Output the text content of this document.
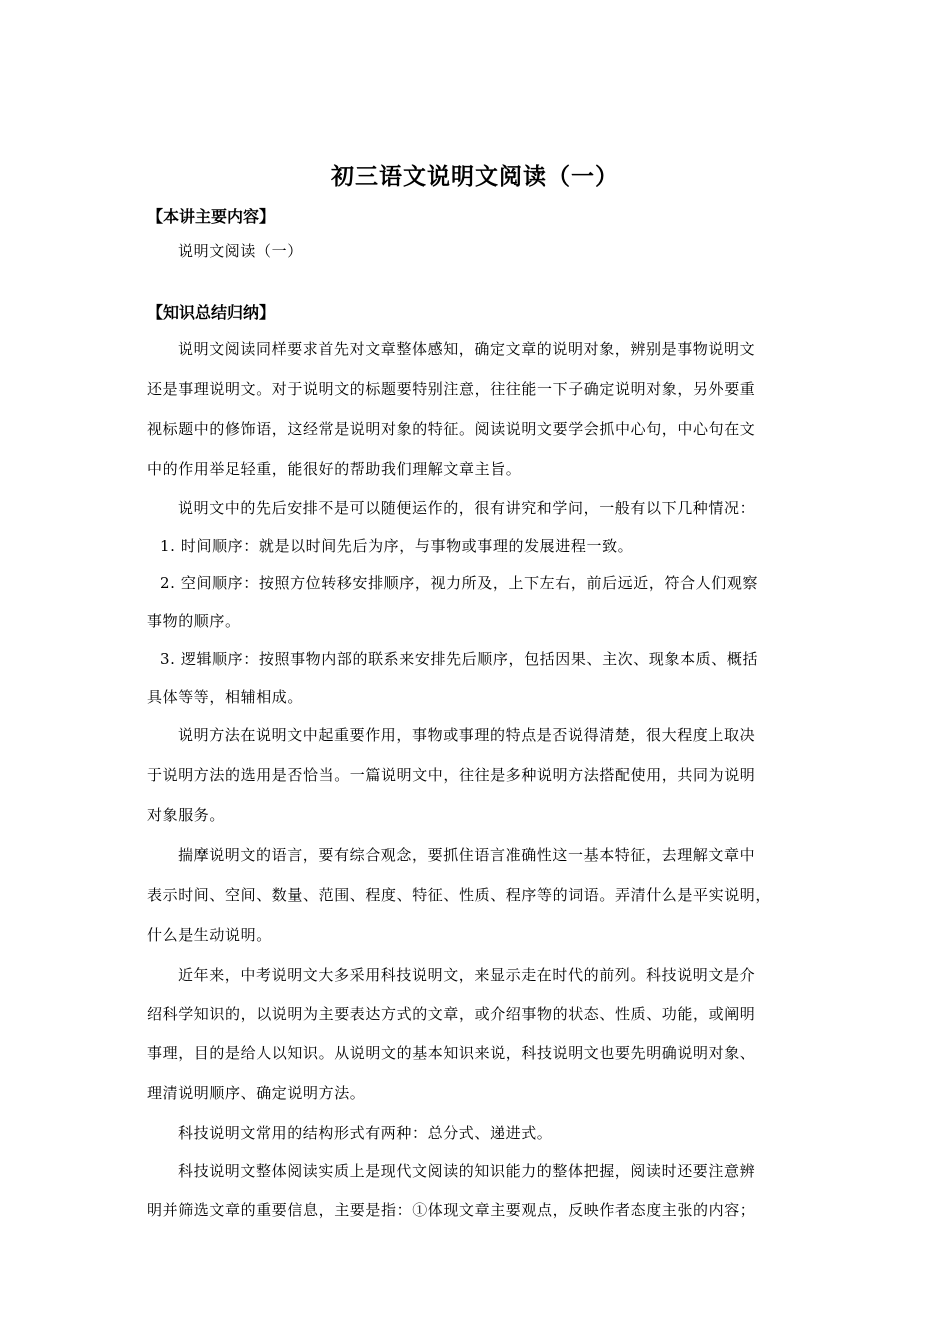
初三语文说明文阅读（一）
【本讲主要内容】
说明文阅读（一）
【知识总结归纳】
说明文阅读同样要求首先对文章整体感知，确定文章的说明对象，辨别是事物说明文
还是事理说明文。对于说明文的标题要特别注意，往往能一下子确定说明对象，另外要重
视标题中的修饰语，这经常是说明对象的特征。阅读说明文要学会抓中心句，中心句在文
中的作用举足轻重，能很好的帮助我们理解文章主旨。
说明文中的先后安排不是可以随便运作的，很有讲究和学问，一般有以下几种情况：
1. 时间顺序：就是以时间先后为序，与事物或事理的发展进程一致。
2. 空间顺序：按照方位转移安排顺序，视力所及，上下左右，前后远近，符合人们观察
事物的顺序。
3. 逻辑顺序：按照事物内部的联系来安排先后顺序，包括因果、主次、现象本质、概括
具体等等，相辅相成。
说明方法在说明文中起重要作用，事物或事理的特点是否说得清楚，很大程度上取决
于说明方法的选用是否恰当。一篇说明文中，往往是多种说明方法搭配使用，共同为说明
对象服务。
揣摩说明文的语言，要有综合观念，要抓住语言准确性这一基本特征，去理解文章中
表示时间、空间、数量、范围、程度、特征、性质、程序等的词语。弄清什么是平实说明，
什么是生动说明。
近年来，中考说明文大多采用科技说明文，来显示走在时代的前列。科技说明文是介
绍科学知识的，以说明为主要表达方式的文章，或介绍事物的状态、性质、功能，或阐明
事理，目的是给人以知识。从说明文的基本知识来说，科技说明文也要先明确说明对象、
理清说明顺序、确定说明方法。
科技说明文常用的结构形式有两种：总分式、递进式。
科技说明文整体阅读实质上是现代文阅读的知识能力的整体把握，阅读时还要注意辨
明并筛选文章的重要信息，主要是指：①体现文章主要观点，反映作者态度主张的内容；
